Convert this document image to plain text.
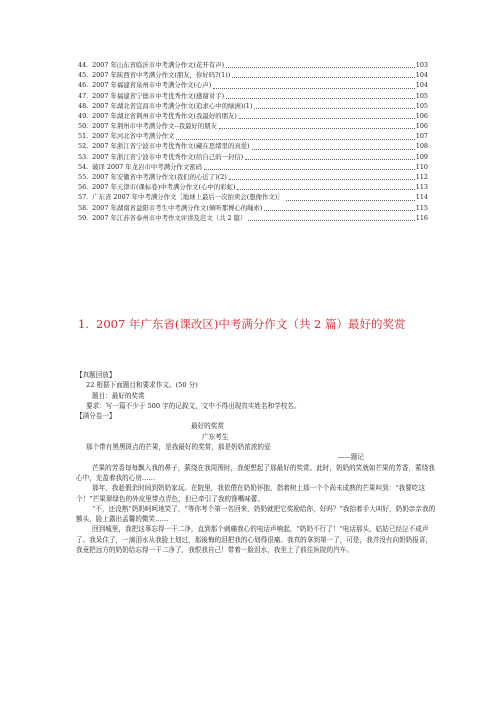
44. 2007 年山东省临沂市中考满分作文(花开有声)	103
45. 2007 年陕西省中考满分作文(朋友，你好吗?(1))	104
46. 2007 年福建省泉州市中考满分作文(心声)	104
47. 2007 年福建省宁德市中考优秀作文(感谢对手)	105
48. 2007 年湖北省宜昌市中考满分作文(追求心中的绿洲)(1)	105
49. 2007 年湖北省荆州市中考优秀作文(我最好的朋友)	106
50. 2007 年荆州市中考满分作文--我最好的朋友	106
51. 2007 年河北省中考满分作文	107
52. 2007 年浙江省宁波市中考优秀作文(藏在思绪里的真爱)	108
53. 2007 年浙江省宁波市中考优秀作文(给自己的一封信)	109
54. 破译 2007 年龙岩市中考满分作文密码	110
55. 2007 年安徽省中考满分作文(我们的心近了)(2)	112
56. 2007 年天津市(课标卷)中考满分作文(心中的彩虹)	113
57. 广东省 2007 年中考满分作文［地球上最后一次拍卖会(想像作文)］	114
58. 2007 年湖南省益阳市考生中考满分作文(倾听那博心的绳索)	115
59. 2007 年江苏省泰州市中考作文评讲及范文（共 2 篇）	116
1. 2007 年广东省(课改区)中考满分作文（共 2 篇）最好的奖赏
【真题回放】
22 根据下面题目和要求作文。(50 分)
题目：最好的奖赏
要求：写一篇不少于 500 字的记叙文，文中不得出现真实姓名和学校名。
【满分卷一】
最好的奖赏
广东考生
那个带有黑黑斑点的芒果，是我最好的奖赏，那是奶奶浓浓的爱
——题记
芒果的芳香每每飘入我的鼻子，萦绕在我周围时，我便想起了那最好的奖赏。此时，奶奶的笑就如芒果的芳香，萦绕我心中，充盈着我的心房……
那年，我趁假余时间到奶奶家玩。在院里，我依偎在奶奶怀抱，指着树上那一个个尚未成熟的芒果叫到：“我要吃这个！”芒果翠绿色的外皮里带点青色，但已牵引了我的馋嘴味蕾。
“不，还没熟”奶奶呵呵地笑了，“等你考个第一名回来，奶奶就把它奖励给你，好吗？”我抬着手大叫好，奶奶亲亲我的额头，脸上露出孟馨的微笑……
回到城里，我把这事忘得一干二净，直到那个刺痛我心的电话声响起，“奶奶不行了！”电话那头，姑姑已经泣不成声了。我呆住了，一滴泪水从我脸上划过，那後悔的泪把我的心划得很痛。我真的拿到第一了，可是，我并没有向奶奶报喜，我竟把远方的奶奶给忘得一干二净了，我恨我自己！带着一脸泪水，我坐上了前往医院的汽车。
